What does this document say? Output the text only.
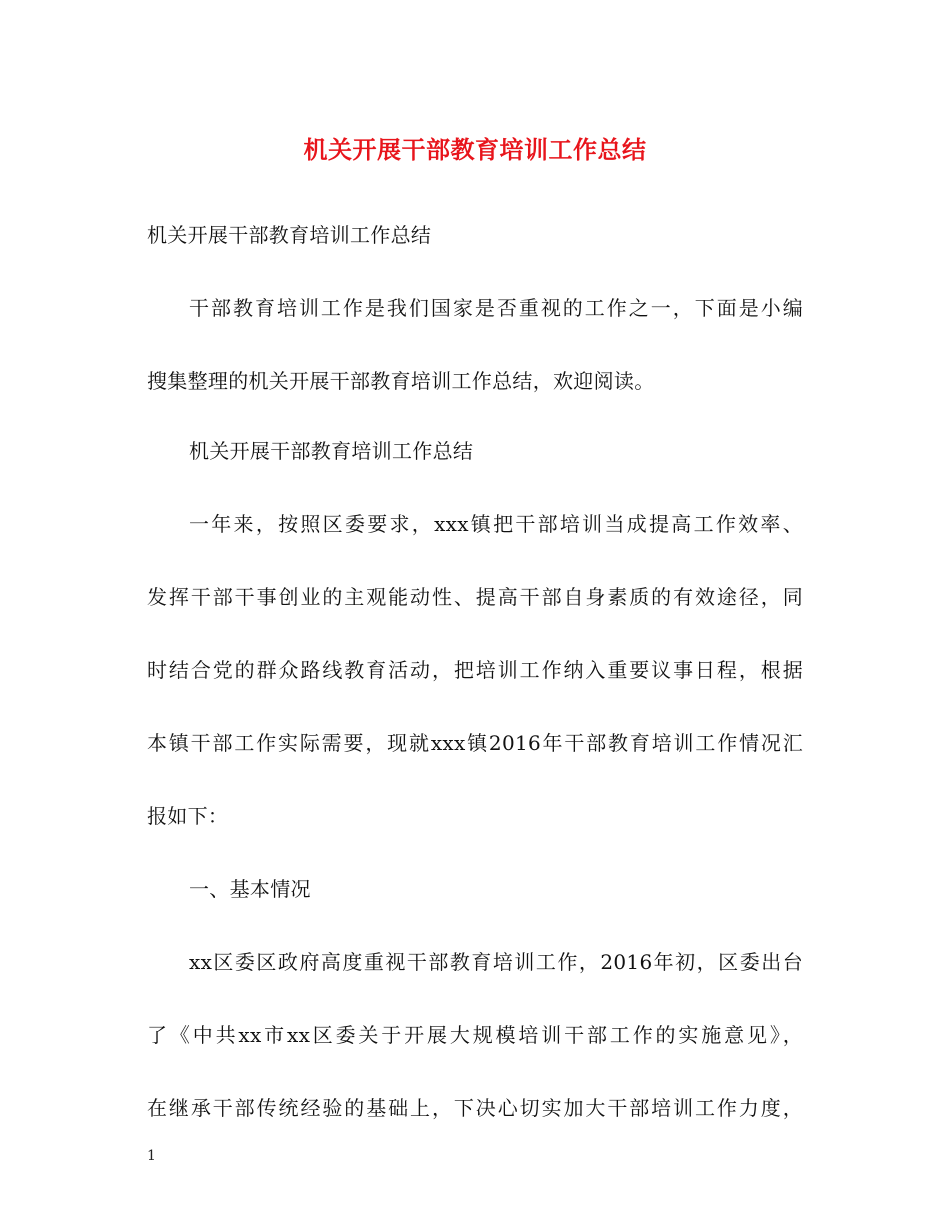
机关开展干部教育培训工作总结
机关开展干部教育培训工作总结
干部教育培训工作是我们国家是否重视的工作之一，下面是小编
搜集整理的机关开展干部教育培训工作总结，欢迎阅读。
机关开展干部教育培训工作总结
一年来，按照区委要求，xxx镇把干部培训当成提高工作效率、
发挥干部干事创业的主观能动性、提高干部自身素质的有效途径，同
时结合党的群众路线教育活动，把培训工作纳入重要议事日程，根据
本镇干部工作实际需要，现就xxx镇2016年干部教育培训工作情况汇
报如下：
一、基本情况
xx区委区政府高度重视干部教育培训工作，2016年初，区委出台
了《中共xx市xx区委关于开展大规模培训干部工作的实施意见》，
在继承干部传统经验的基础上，下决心切实加大干部培训工作力度，
1
